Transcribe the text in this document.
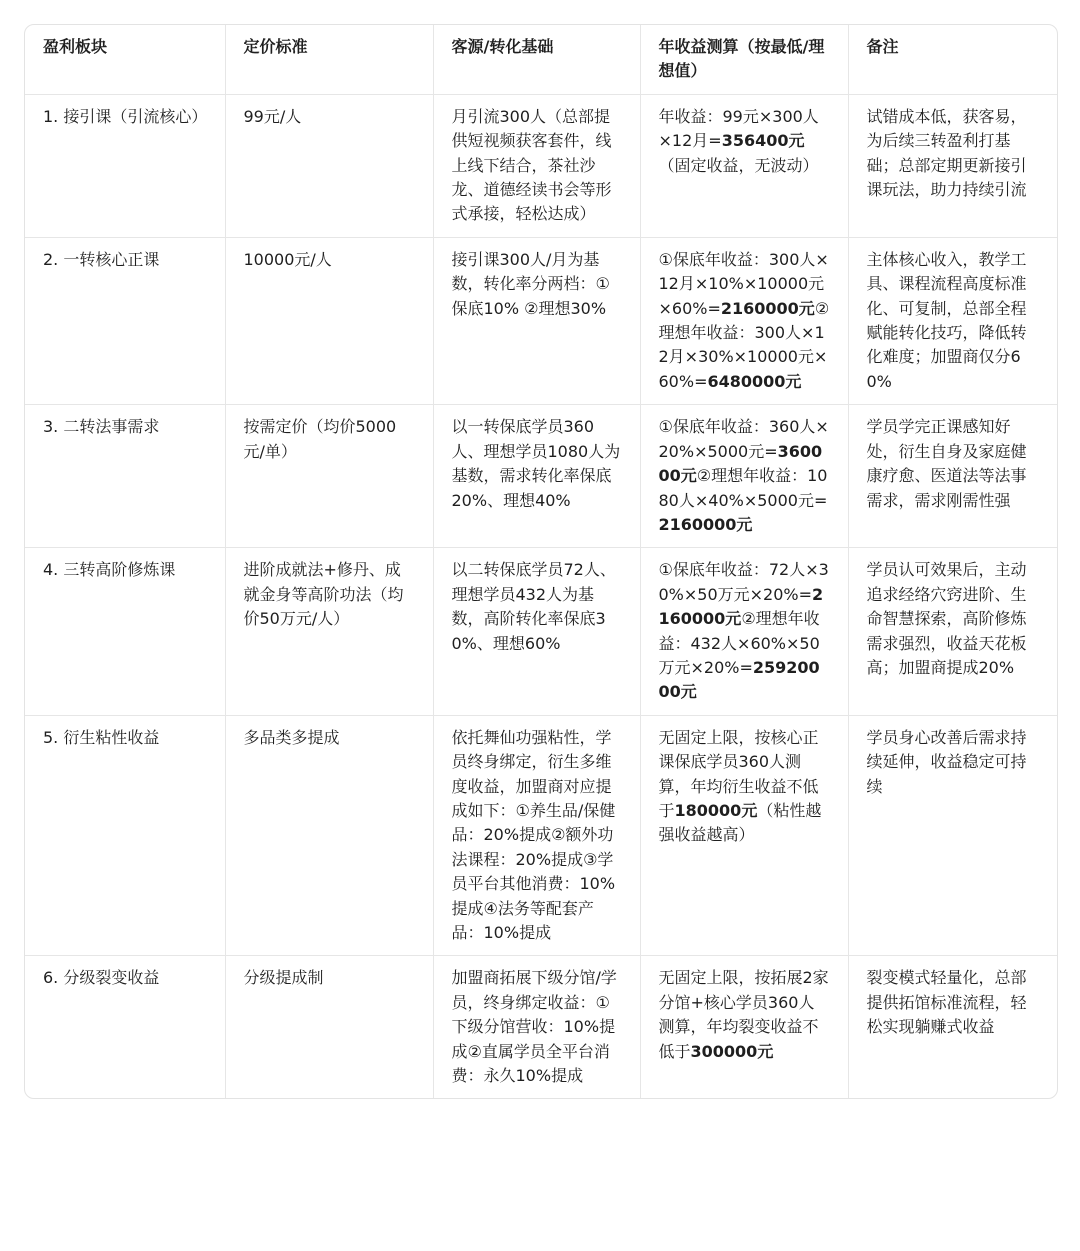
盈利板块	定价标准	客源/转化基础	年收益测算（按最低/理想值）	备注
1. 接引课（引流核心）	99元/人	月引流300人（总部提供短视频获客套件，线上线下结合，茶社沙龙、道德经读书会等形式承接，轻松达成）	年收益：99元×300人×12月=356400元（固定收益，无波动）	试错成本低，获客易，为后续三转盈利打基础；总部定期更新接引课玩法，助力持续引流
2. 一转核心正课	10000元/人	接引课300人/月为基数，转化率分两档：①保底10% ②理想30%	①保底年收益：300人×12月×10%×10000元×60%=2160000元②理想年收益：300人×12月×30%×10000元×60%=6480000元	主体核心收入，教学工具、课程流程高度标准化、可复制，总部全程赋能转化技巧，降低转化难度；加盟商仅分60%
3. 二转法事需求	按需定价（均价5000元/单）	以一转保底学员360人、理想学员1080人为基数，需求转化率保底20%、理想40%	①保底年收益：360人×20%×5000元=360000元②理想年收益：1080人×40%×5000元=2160000元	学员学完正课感知好处，衍生自身及家庭健康疗愈、医道法等法事需求，需求刚需性强
4. 三转高阶修炼课	进阶成就法+修丹、成就金身等高阶功法（均价50万元/人）	以二转保底学员72人、理想学员432人为基数，高阶转化率保底30%、理想60%	①保底年收益：72人×30%×50万元×20%=2160000元②理想年收益：432人×60%×50万元×20%=25920000元	学员认可效果后，主动追求经络穴窍进阶、生命智慧探索，高阶修炼需求强烈，收益天花板高；加盟商提成20%
5. 衍生粘性收益	多品类多提成	依托舞仙功强粘性，学员终身绑定，衍生多维度收益，加盟商对应提成如下：①养生品/保健品：20%提成②额外功法课程：20%提成③学员平台其他消费：10%提成④法务等配套产品：10%提成	无固定上限，按核心正课保底学员360人测算，年均衍生收益不低于180000元（粘性越强收益越高）	学员身心改善后需求持续延伸，收益稳定可持续
6. 分级裂变收益	分级提成制	加盟商拓展下级分馆/学员，终身绑定收益：①下级分馆营收：10%提成②直属学员全平台消费：永久10%提成	无固定上限，按拓展2家分馆+核心学员360人测算，年均裂变收益不低于300000元	裂变模式轻量化，总部提供拓馆标准流程，轻松实现躺赚式收益
